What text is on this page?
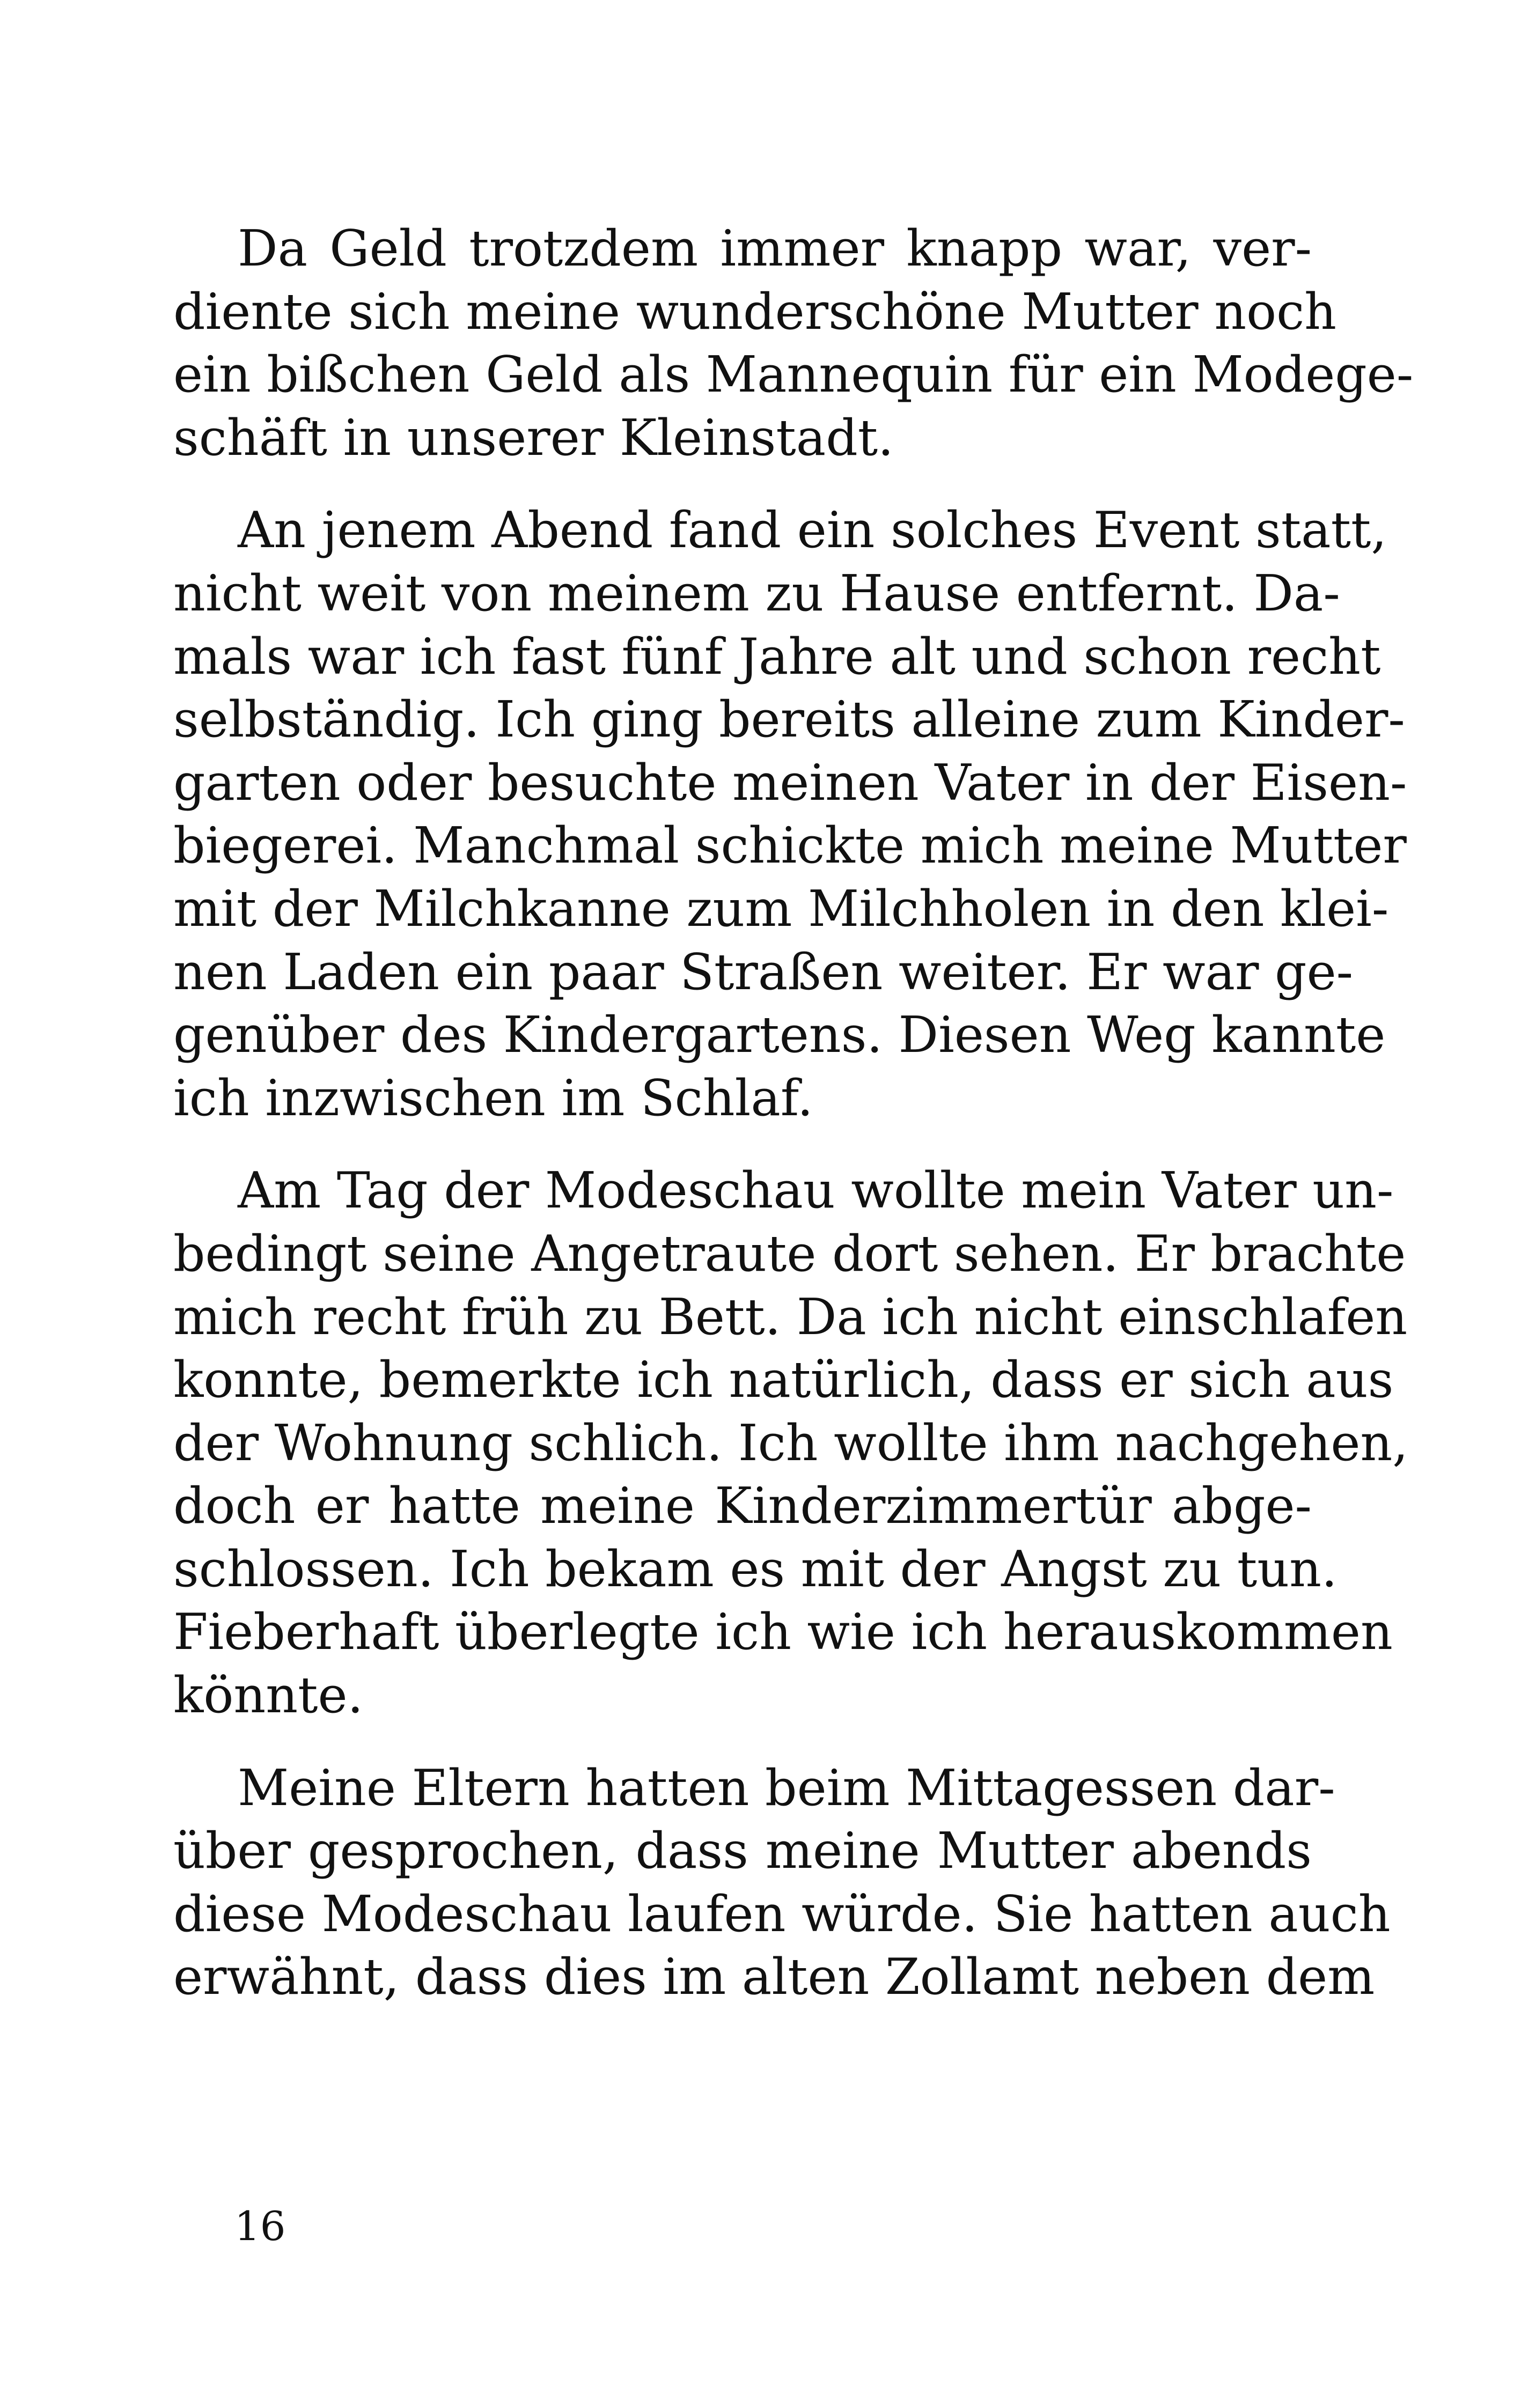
Da Geld trotzdem immer knapp war, ver-
diente sich meine wunderschöne Mutter noch
ein bißchen Geld als Mannequin für ein Modege-
schäft in unserer Kleinstadt.
An jenem Abend fand ein solches Event statt,
nicht weit von meinem zu Hause entfernt. Da-
mals war ich fast fünf Jahre alt und schon recht
selbständig. Ich ging bereits alleine zum Kinder-
garten oder besuchte meinen Vater in der Eisen-
biegerei. Manchmal schickte mich meine Mutter
mit der Milchkanne zum Milchholen in den klei-
nen Laden ein paar Straßen weiter. Er war ge-
genüber des Kindergartens. Diesen Weg kannte
ich inzwischen im Schlaf.
Am Tag der Modeschau wollte mein Vater un-
bedingt seine Angetraute dort sehen. Er brachte
mich recht früh zu Bett. Da ich nicht einschlafen
konnte, bemerkte ich natürlich, dass er sich aus
der Wohnung schlich. Ich wollte ihm nachgehen,
doch er hatte meine Kinderzimmertür abge-
schlossen. Ich bekam es mit der Angst zu tun.
Fieberhaft überlegte ich wie ich herauskommen
könnte.
Meine Eltern hatten beim Mittagessen dar-
über gesprochen, dass meine Mutter abends
diese Modeschau laufen würde. Sie hatten auch
erwähnt, dass dies im alten Zollamt neben dem
16
